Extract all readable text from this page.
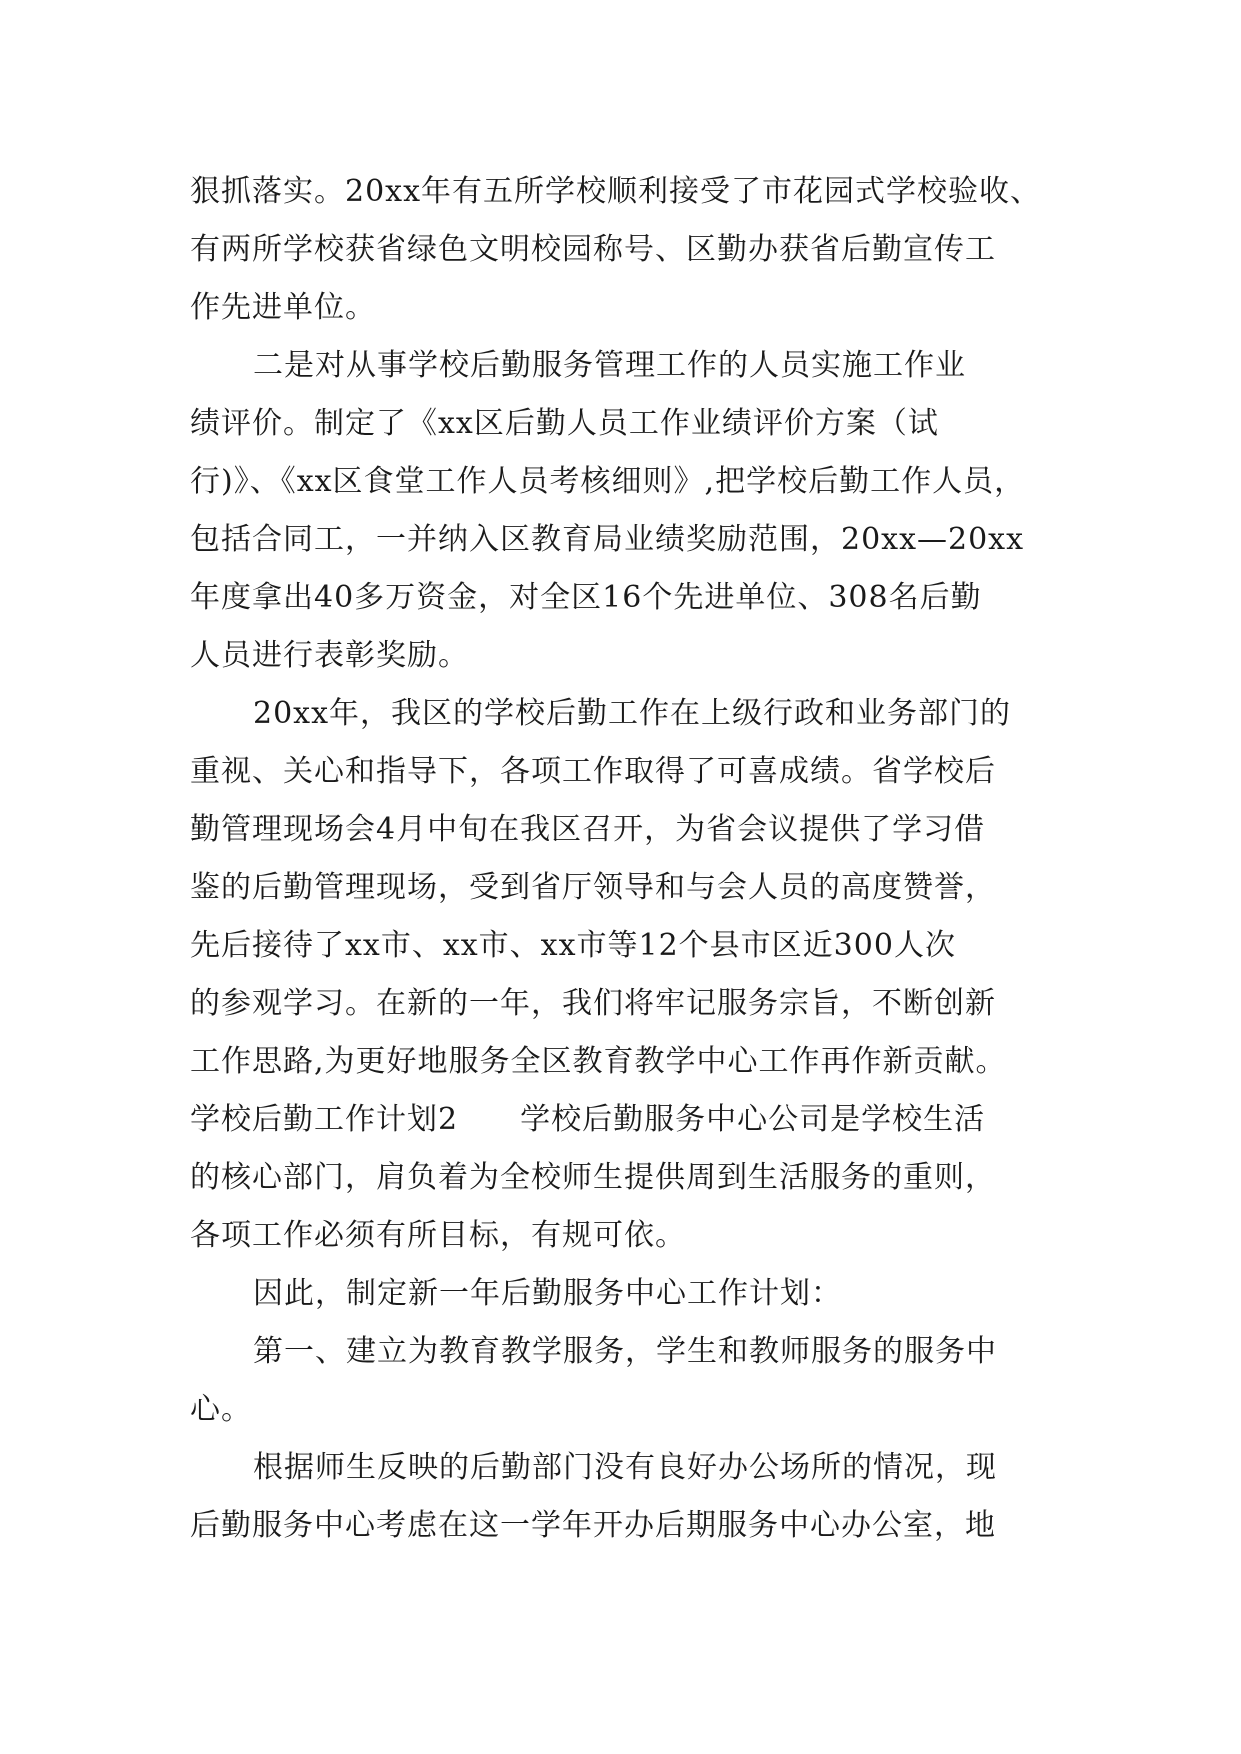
狠抓落实。20xx年有五所学校顺利接受了市花园式学校验收、
有两所学校获省绿色文明校园称号、区勤办获省后勤宣传工
作先进单位。
二是对从事学校后勤服务管理工作的人员实施工作业
绩评价。制定了《xx区后勤人员工作业绩评价方案（试
行)》、《xx区食堂工作人员考核细则》,把学校后勤工作人员，
包括合同工，一并纳入区教育局业绩奖励范围，20xx—20xx
年度拿出40多万资金，对全区16个先进单位、308名后勤
人员进行表彰奖励。
20xx年，我区的学校后勤工作在上级行政和业务部门的
重视、关心和指导下，各项工作取得了可喜成绩。省学校后
勤管理现场会4月中旬在我区召开，为省会议提供了学习借
鉴的后勤管理现场，受到省厅领导和与会人员的高度赞誉，
先后接待了xx市、xx市、xx市等12个县市区近300人次
的参观学习。在新的一年，我们将牢记服务宗旨，不断创新
工作思路,为更好地服务全区教育教学中心工作再作新贡献。
学校后勤工作计划2　　学校后勤服务中心公司是学校生活
的核心部门，肩负着为全校师生提供周到生活服务的重则，
各项工作必须有所目标，有规可依。
因此，制定新一年后勤服务中心工作计划：
第一、建立为教育教学服务，学生和教师服务的服务中
心。
根据师生反映的后勤部门没有良好办公场所的情况，现
后勤服务中心考虑在这一学年开办后期服务中心办公室，地
